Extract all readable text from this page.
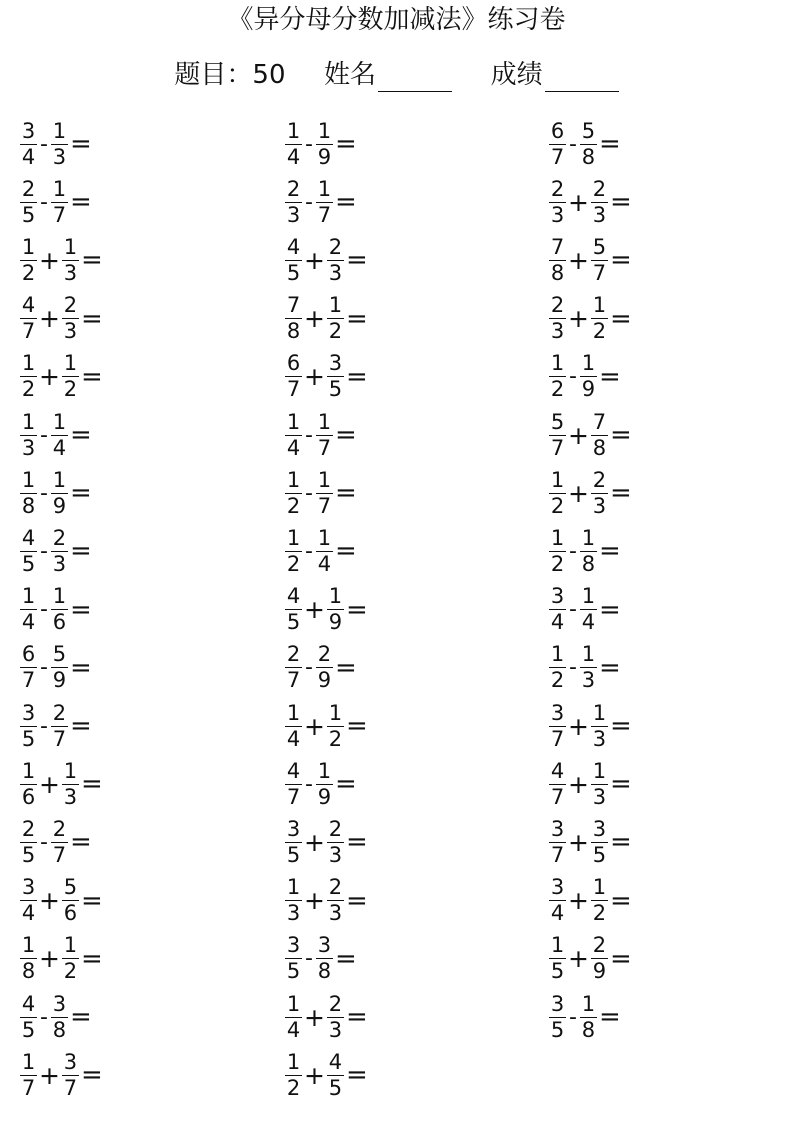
《异分母分数加减法》练习卷
题目：50 姓名	成绩
$\frac{3}{4} - \frac{1}{3}$ =
$\frac{2}{5} - \frac{1}{7}$ =
$\frac{1}{2} + \frac{1}{3}$ =
$\frac{4}{7} + \frac{2}{3}$ =
$\frac{1}{2} + \frac{1}{2}$ =
$\frac{1}{3} - \frac{1}{4}$ =
$\frac{1}{8} - \frac{1}{9}$ =
$\frac{4}{5} - \frac{2}{3}$ =
$\frac{1}{4} - \frac{1}{6}$ =
$\frac{6}{7} - \frac{5}{9}$ =
$\frac{3}{5} - \frac{2}{7}$ =
$\frac{1}{6} + \frac{1}{3}$ =
$\frac{2}{5} - \frac{2}{7}$ =
$\frac{3}{4} + \frac{5}{6}$ =
$\frac{1}{8} + \frac{1}{2}$ =
$\frac{4}{5} - \frac{3}{8}$ =
$\frac{1}{7} + \frac{3}{7}$ =
$\frac{1}{4} - \frac{1}{9}$ =
$\frac{2}{3} - \frac{1}{7}$ =
$\frac{4}{5} + \frac{2}{3}$ =
$\frac{7}{8} + \frac{1}{2}$ =
$\frac{6}{7} + \frac{3}{5}$ =
$\frac{1}{4} - \frac{1}{7}$ =
$\frac{1}{2} - \frac{1}{7}$ =
$\frac{1}{2} - \frac{1}{4}$ =
$\frac{4}{5} + \frac{1}{9}$ =
$\frac{2}{7} - \frac{2}{9}$ =
$\frac{1}{4} + \frac{1}{2}$ =
$\frac{4}{7} - \frac{1}{9}$ =
$\frac{3}{5} + \frac{2}{3}$ =
$\frac{1}{3} + \frac{2}{3}$ =
$\frac{3}{5} - \frac{3}{8}$ =
$\frac{1}{4} + \frac{2}{3}$ =
$\frac{1}{2} + \frac{4}{5}$ =
$\frac{6}{7} - \frac{5}{8}$ =
$\frac{2}{3} + \frac{2}{3}$ =
$\frac{7}{8} + \frac{5}{7}$ =
$\frac{2}{3} + \frac{1}{2}$ =
$\frac{1}{2} - \frac{1}{9}$ =
$\frac{5}{7} + \frac{7}{8}$ =
$\frac{1}{2} + \frac{2}{3}$ =
$\frac{1}{2} - \frac{1}{8}$ =
$\frac{3}{4} - \frac{1}{4}$ =
$\frac{1}{2} - \frac{1}{3}$ =
$\frac{3}{7} + \frac{1}{3}$ =
$\frac{4}{7} + \frac{1}{3}$ =
$\frac{3}{7} + \frac{3}{5}$ =
$\frac{3}{4} + \frac{1}{2}$ =
$\frac{1}{5} + \frac{2}{9}$ =
$\frac{3}{5} - \frac{1}{8}$ =
